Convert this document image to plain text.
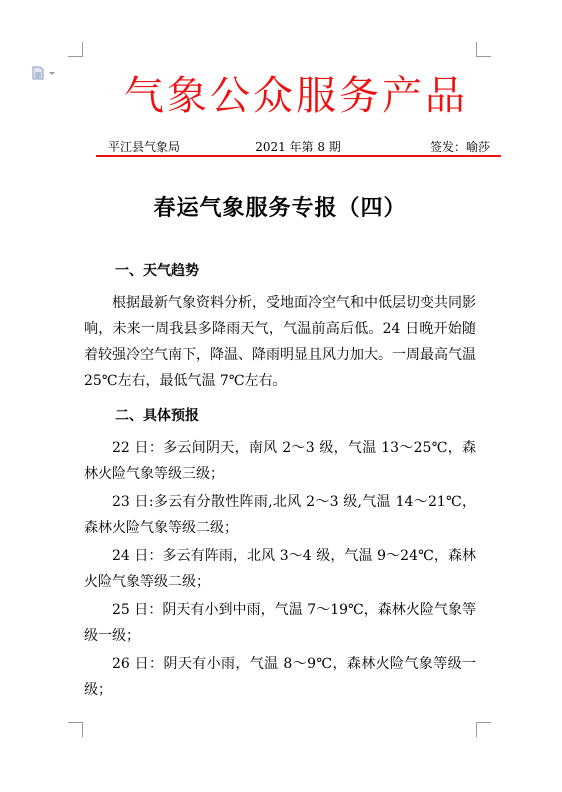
气象公众服务产品
平江县气象局	2021 年第 8 期	签发：喻莎
春运气象服务专报（四）
一、天气趋势

根据最新气象资料分析，受地面冷空气和中低层切变共同影响，未来一周我县多降雨天气，气温前高后低。24 日晚开始随着较强冷空气南下，降温、降雨明显且风力加大。一周最高气温 25℃左右，最低气温 7℃左右。

二、具体预报
22 日：多云间阴天，南风 2～3 级，气温 13～25℃，森林火险气象等级三级；
23 日:多云有分散性阵雨,北风 2～3 级,气温 14～21℃，森林火险气象等级二级；
24 日：多云有阵雨，北风 3～4 级，气温 9～24℃，森林火险气象等级二级；
25 日：阴天有小到中雨，气温 7～19℃，森林火险气象等级一级；
26 日：阴天有小雨，气温 8～9℃，森林火险气象等级一级；
